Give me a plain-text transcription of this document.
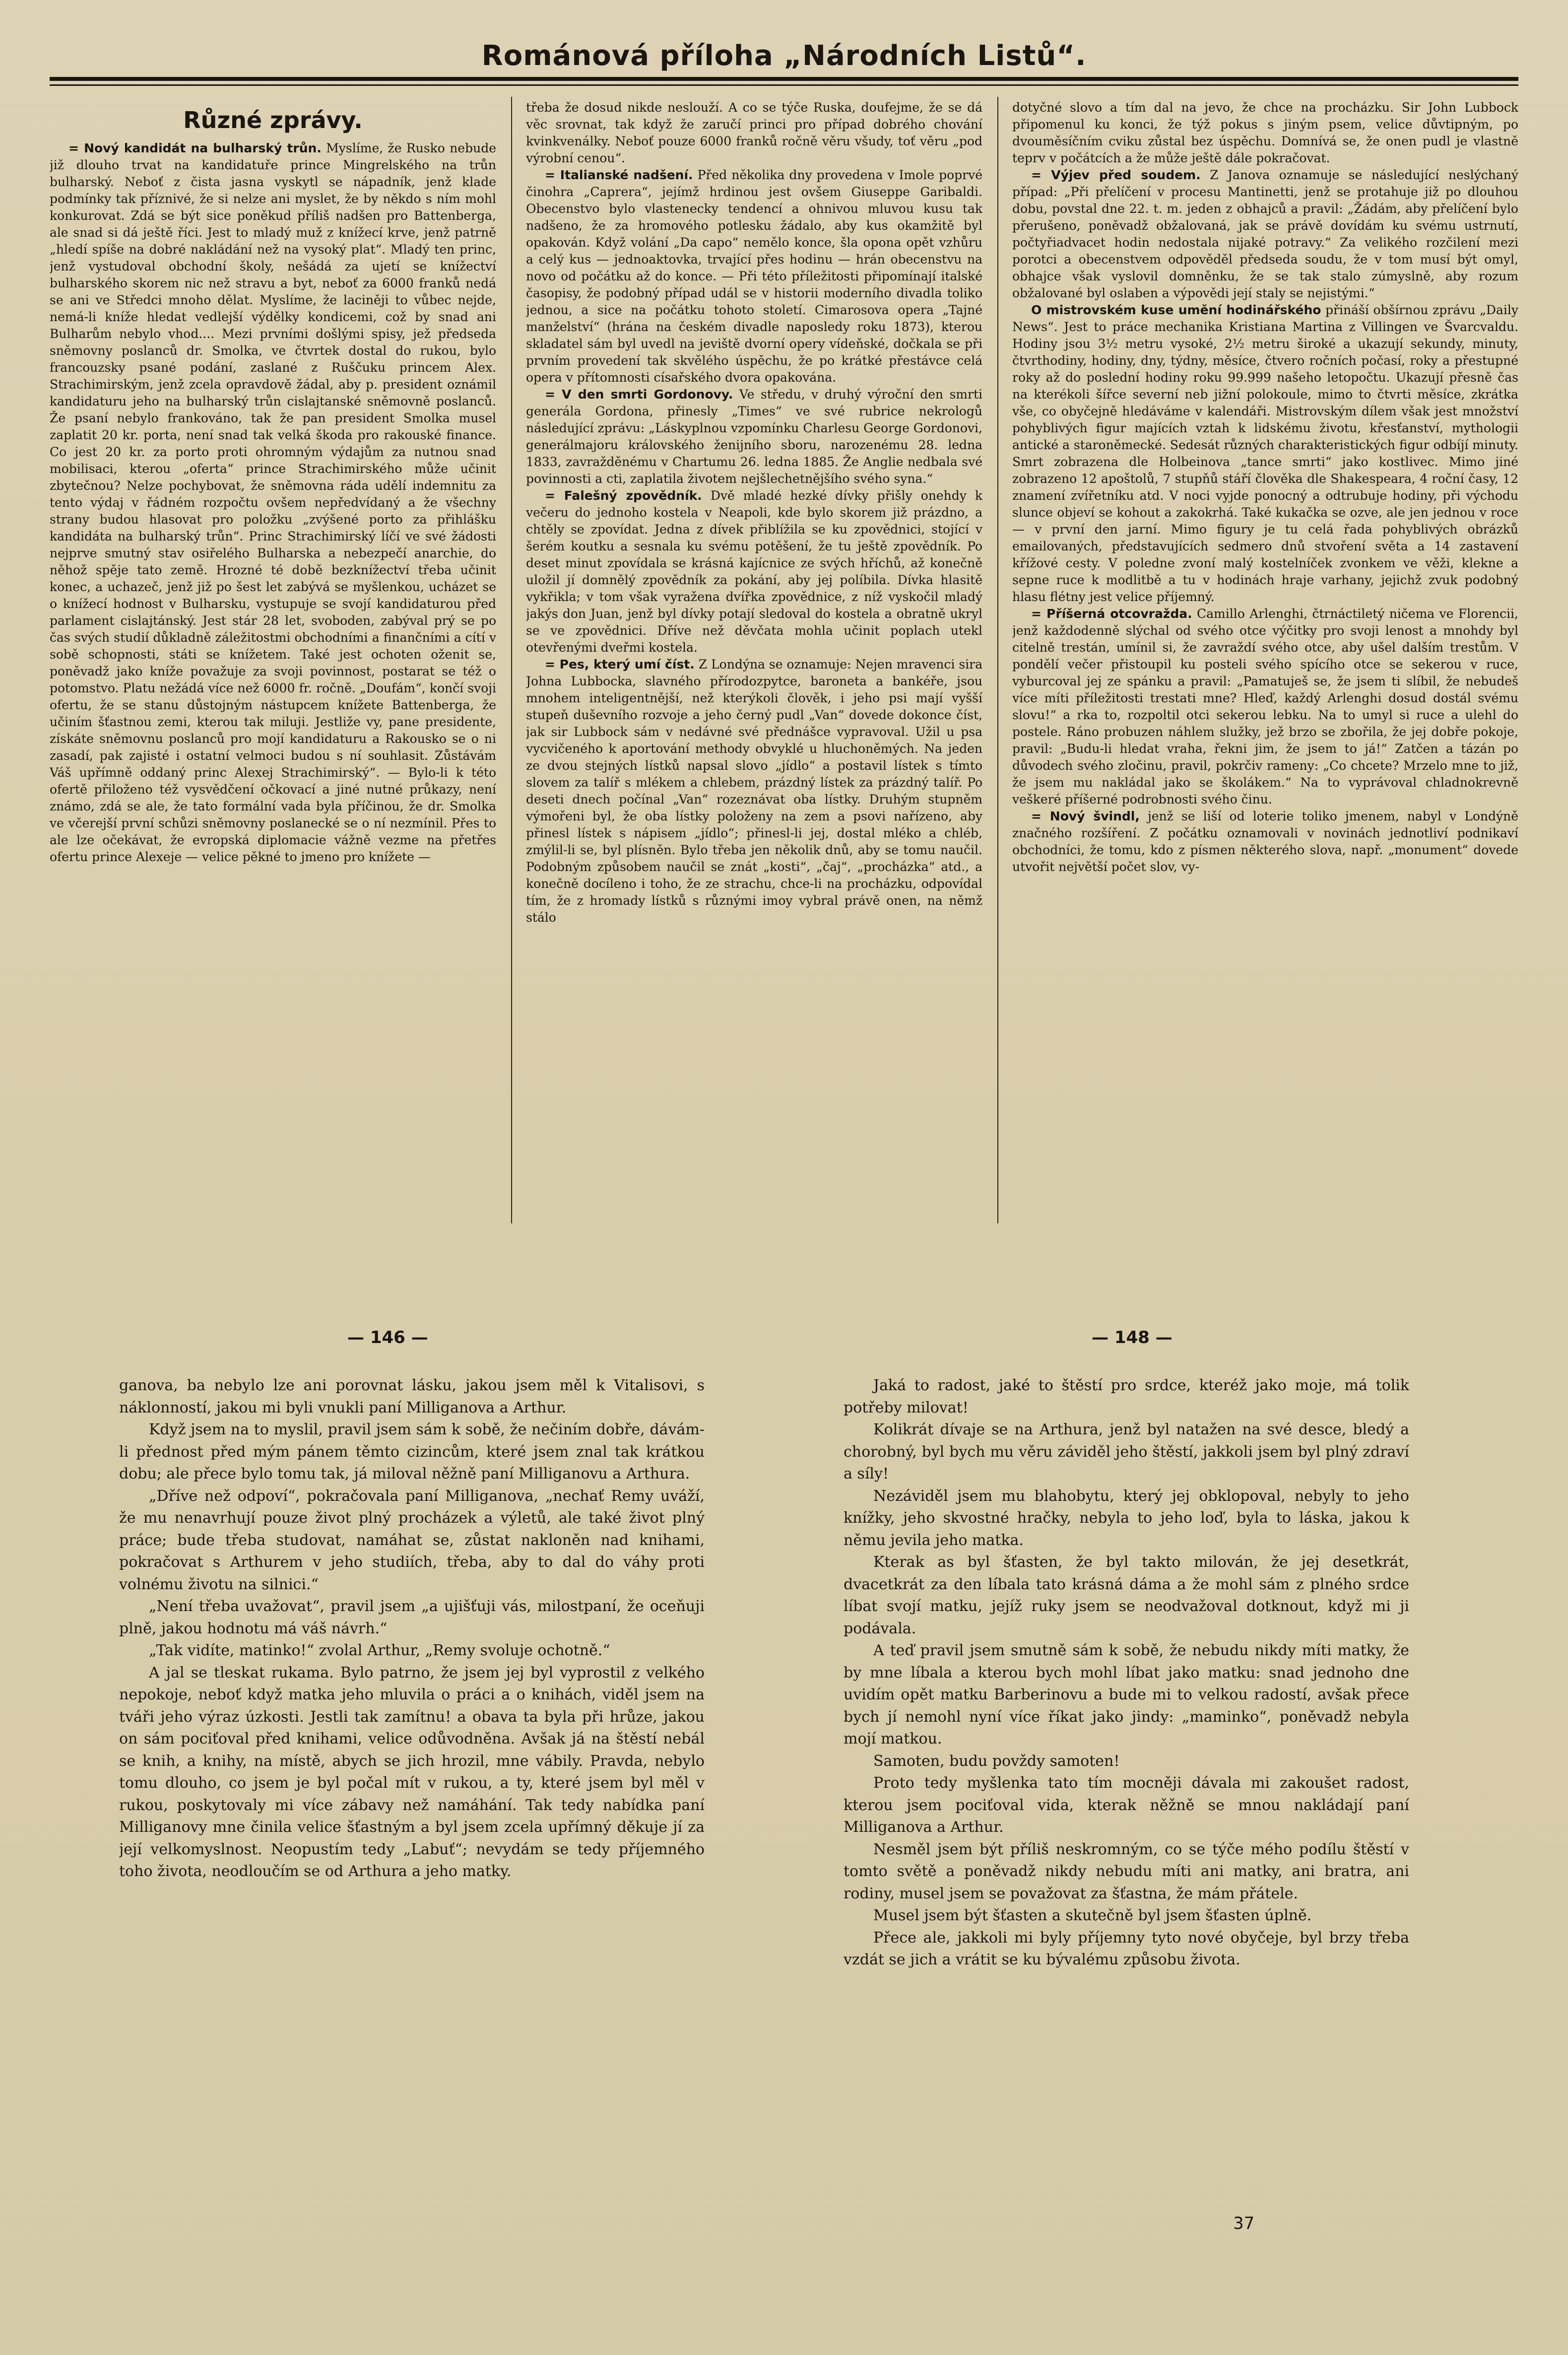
Románová příloha „Národních Listů“.
Různé zprávy.

= Nový kandidát na bulharský trůn. Myslíme, že Rusko nebude již dlouho trvat na kandidatuře prince Mingrelského na trůn bulharský. Neboť z čista jasna vyskytl se nápadník, jenž klade podmínky tak příznivé, že si nelze ani myslet, že by někdo s ním mohl konkurovat. Zdá se být sice poněkud příliš nadšen pro Battenberga, ale snad si dá ještě říci. Jest to mladý muž z knížecí krve, jenž patrně „hledí spíše na dobré nakládání než na vysoký plat“. Mladý ten princ, jenž vystudoval obchodní školy, nešádá za ujetí se knížectví bulharského skorem nic než stravu a byt, neboť za 6000 franků nedá se ani ve Středci mnoho dělat. Myslíme, že laciněji to vůbec nejde, nemá-li kníže hledat vedlejší výdělky kondicemi, což by snad ani Bulharům nebylo vhod.... Mezi prvními došlými spisy, jež předseda sněmovny poslanců dr. Smolka, ve čtvrtek dostal do rukou, bylo francouzsky psané podání, zaslané z Ruščuku princem Alex. Strachimirským, jenž zcela opravdově žádal, aby p. president oznámil kandidaturu jeho na bulharský trůn cislajtanské sněmovně poslanců. Že psaní nebylo frankováno, tak že pan president Smolka musel zaplatit 20 kr. porta, není snad tak velká škoda pro rakouské finance. Co jest 20 kr. za porto proti ohromným výdajům za nutnou snad mobilisaci, kterou „oferta“ prince Strachimirského může učinit zbytečnou? Nelze pochybovat, že sněmovna ráda udělí indemnitu za tento výdaj v řádném rozpočtu ovšem nepředvídaný a že všechny strany budou hlasovat pro položku „zvýšené porto za přihlášku kandidáta na bulharský trůn“. Princ Strachimirský líčí ve své žádosti nejprve smutný stav osiřelého Bulharska a nebezpečí anarchie, do něhož spěje tato země. Hrozné té době bezknížectví třeba učinit konec, a uchazeč, jenž již po šest let zabývá se myšlenkou, ucházet se o knížecí hodnost v Bulharsku, vystupuje se svojí kandidaturou před parlament cislajtánský. Jest stár 28 let, svoboden, zabýval prý se po čas svých studií důkladně záležitostmi obchodními a finančními a cítí v sobě schopnosti, státi se knížetem. Také jest ochoten oženit se, poněvadž jako kníže považuje za svoji povinnost, postarat se též o potomstvo. Platu nežádá více než 6000 fr. ročně. „Doufám“, končí svoji ofertu, že se stanu důstojným nástupcem knížete Battenberga, že učiním šťastnou zemi, kterou tak miluji. Jestliže vy, pane presidente, získáte sněmovnu poslanců pro mojí kandidaturu a Rakousko se o ni zasadí, pak zajisté i ostatní velmoci budou s ní souhlasit. Zůstávám Váš upřímně oddaný princ Alexej Strachimirský“. — Bylo-li k této ofertě přiloženo též vysvědčení očkovací a jiné nutné průkazy, není známo, zdá se ale, že tato formální vada byla příčinou, že dr. Smolka ve včerejší první schůzi sněmovny poslanecké se o ní nezmínil. Přes to ale lze očekávat, že evropská diplomacie vážně vezme na přetřes ofertu prince Alexeje — velice pěkné to jmeno pro knížete —

třeba že dosud nikde neslouží. A co se týče Ruska, doufejme, že se dá věc srovnat, tak když že zaručí princi pro případ dobrého chování kvinkvenálky. Neboť pouze 6000 franků ročně věru všudy, toť věru „pod výrobní cenou“.

= Italianské nadšení. Před několika dny provedena v Imole poprvé činohra „Caprera“, jejímž hrdinou jest ovšem Giuseppe Garibaldi. Obecenstvo bylo vlastenecky tendencí a ohnivou mluvou kusu tak nadšeno, že za hromového potlesku žádalo, aby kus okamžitě byl opakován. Když volání „Da capo“ nemělo konce, šla opona opět vzhůru a celý kus — jednoaktovka, trvající přes hodinu — hrán obecenstvu na novo od počátku až do konce. — Při této příležitosti připomínají italské časopisy, že podobný případ udál se v historii moderního divadla toliko jednou, a sice na počátku tohoto století. Cimarosova opera „Tajné manželství“ (hrána na českém divadle naposledy roku 1873), kterou skladatel sám byl uvedl na jeviště dvorní opery vídeňské, dočkala se při prvním provedení tak skvělého úspěchu, že po krátké přestávce celá opera v přítomnosti císařského dvora opakována.

= V den smrti Gordonovy. Ve středu, v druhý výroční den smrti generála Gordona, přinesly „Times“ ve své rubrice nekrologů následující zprávu: „Láskyplnou vzpomínku Charlesu George Gordonovi, generálmajoru královského ženijního sboru, narozenému 28. ledna 1833, zavražděnému v Chartumu 26. ledna 1885. Že Anglie nedbala své povinnosti a cti, zaplatila životem nejšlechetnějšího svého syna.“

= Falešný zpovědník. Dvě mladé hezké dívky přišly onehdy k večeru do jednoho kostela v Neapoli, kde bylo skorem již prázdno, a chtěly se zpovídat. Jedna z dívek přiblížila se ku zpovědnici, stojící v šerém koutku a sesnala ku svému potěšení, že tu ještě zpovědník. Po deset minut zpovídala se krásná kajícnice ze svých hříchů, až konečně uložil jí domnělý zpovědník za pokání, aby jej políbila. Dívka hlasitě vykřikla; v tom však vyražena dvířka zpovědnice, z níž vyskočil mladý jakýs don Juan, jenž byl dívky potají sledoval do kostela a obratně ukryl se ve zpovědnici. Dříve než děvčata mohla učinit poplach utekl otevřenými dveřmi kostela.

= Pes, který umí číst. Z Londýna se oznamuje: Nejen mravenci sira Johna Lubbocka, slavného přírodozpytce, baroneta a bankéře, jsou mnohem inteligentnější, než kterýkoli člověk, i jeho psi mají vyšší stupeň duševního rozvoje a jeho černý pudl „Van“ dovede dokonce číst, jak sir Lubbock sám v nedávné své přednášce vypravoval. Užil u psa vycvičeného k aportování methody obvyklé u hluchoněmých. Na jeden ze dvou stejných lístků napsal slovo „jídlo“ a postavil lístek s tímto slovem za talíř s mlékem a chlebem, prázdný lístek za prázdný talíř. Po deseti dnech počínal „Van“ rozeznávat oba lístky. Druhým stupněm výmořeni byl, že oba lístky položeny na zem a psovi nařízeno, aby přinesl lístek s nápisem „jídlo“; přinesl-li jej, dostal mléko a chléb, zmýlil-li se, byl plísněn. Bylo třeba jen několik dnů, aby se tomu naučil. Podobným způsobem naučil se znát „kosti“, „čaj“, „procházka“ atd., a konečně docíleno i toho, že ze strachu, chce-li na procházku, odpovídal tím, že z hromady lístků s různými imoy vybral právě onen, na němž stálo

dotyčné slovo a tím dal na jevo, že chce na procházku. Sir John Lubbock připomenul ku konci, že týž pokus s jiným psem, velice důvtipným, po dvouměsíčním cviku zůstal bez úspěchu. Domnívá se, že onen pudl je vlastně teprv v počátcích a že může ještě dále pokračovat.

= Výjev před soudem. Z Janova oznamuje se následující neslýchaný případ: „Při přelíčení v procesu Mantinetti, jenž se protahuje již po dlouhou dobu, povstal dne 22. t. m. jeden z obhajců a pravil: „Žádám, aby přelíčení bylo přerušeno, poněvadž obžalovaná, jak se právě dovídám ku svému ustrnutí, počtyřiadvacet hodin nedostala nijaké potravy.“ Za velikého rozčilení mezi porotci a obecenstvem odpověděl předseda soudu, že v tom musí být omyl, obhajce však vyslovil domněnku, že se tak stalo zúmyslně, aby rozum obžalované byl oslaben a výpovědi její staly se nejistými.“

O mistrovském kuse umění hodinářského přináší obšírnou zprávu „Daily News“. Jest to práce mechanika Kristiana Martina z Villingen ve Švarcvaldu. Hodiny jsou 3½ metru vysoké, 2½ metru široké a ukazují sekundy, minuty, čtvrthodiny, hodiny, dny, týdny, měsíce, čtvero ročních počasí, roky a přestupné roky až do poslední hodiny roku 99.999 našeho letopočtu. Ukazují přesně čas na kterékoli šířce severní neb jižní polokoule, mimo to čtvrti měsíce, zkrátka vše, co obyčejně hledáváme v kalendáři. Mistrovským dílem však jest množství pohyblivých figur majících vztah k lidskému životu, křesťanství, mythologii antické a staroněmecké. Sedesát různých charakteristických figur odbíjí minuty. Smrt zobrazena dle Holbeinova „tance smrti“ jako kostlivec. Mimo jiné zobrazeno 12 apoštolů, 7 stupňů stáří člověka dle Shakespeara, 4 roční časy, 12 znamení zvířetníku atd. V noci vyjde ponocný a odtrubuje hodiny, při východu slunce objeví se kohout a zakokrhá. Také kukačka se ozve, ale jen jednou v roce — v první den jarní. Mimo figury je tu celá řada pohyblivých obrázků emailovaných, představujících sedmero dnů stvoření světa a 14 zastavení křížové cesty. V poledne zvoní malý kostelníček zvonkem ve věži, klekne a sepne ruce k modlitbě a tu v hodinách hraje varhany, jejichž zvuk podobný hlasu flétny jest velice příjemný.

= Příšerná otcovražda. Camillo Arlenghi, čtrnáctiletý ničema ve Florencii, jenž každodenně slýchal od svého otce výčitky pro svoji lenost a mnohdy byl citelně trestán, umínil si, že zavraždí svého otce, aby ušel dalším trestům. V pondělí večer přistoupil ku posteli svého spícího otce se sekerou v ruce, vyburcoval jej ze spánku a pravil: „Pamatuješ se, že jsem ti slíbil, že nebudeš více míti příležitosti trestati mne? Hleď, každý Arlenghi dosud dostál svému slovu!“ a rka to, rozpoltil otci sekerou lebku. Na to umyl si ruce a ulehl do postele. Ráno probuzen náhlem služky, jež brzo se zbořila, že jej dobře pokoje, pravil: „Budu-li hledat vraha, řekni jim, že jsem to já!“ Zatčen a tázán po důvodech svého zločinu, pravil, pokrčiv rameny: „Co chcete? Mrzelo mne to již, že jsem mu nakládal jako se školákem.“ Na to vyprávoval chladnokrevně veškeré příšerné podrobnosti svého činu.

= Nový švindl, jenž se liší od loterie toliko jmenem, nabyl v Londýně značného rozšíření. Z počátku oznamovali v novinách jednotliví podnikaví obchodníci, že tomu, kdo z písmen některého slova, např. „monument“ dovede utvořit největší počet slov, vy-

— 146 —	— 148 —

ganova, ba nebylo lze ani porovnat lásku, jakou jsem měl k Vitalisovi, s náklonností, jakou mi byli vnukli paní Milliganova a Arthur.

Když jsem na to myslil, pravil jsem sám k sobě, že nečiním dobře, dávám-li přednost před mým pánem těmto cizincům, které jsem znal tak krátkou dobu; ale přece bylo tomu tak, já miloval něžně paní Milliganovu a Arthura.

„Dříve než odpoví“, pokračovala paní Milliganova, „nechať Remy uváží, že mu nenavrhují pouze život plný procházek a výletů, ale také život plný práce; bude třeba studovat, namáhat se, zůstat nakloněn nad knihami, pokračovat s Arthurem v jeho studiích, třeba, aby to dal do váhy proti volnému životu na silnici.“

„Není třeba uvažovat“, pravil jsem „a ujišťuji vás, milostpaní, že oceňuji plně, jakou hodnotu má váš návrh.“

„Tak vidíte, matinko!“ zvolal Arthur, „Remy svoluje ochotně.“

A jal se tleskat rukama. Bylo patrno, že jsem jej byl vyprostil z velkého nepokoje, neboť když matka jeho mluvila o práci a o knihách, viděl jsem na tváři jeho výraz úzkosti. Jestli tak zamítnu! a obava ta byla při hrůze, jakou on sám pociťoval před knihami, velice odůvodněna. Avšak já na štěstí nebál se knih, a knihy, na místě, abych se jich hrozil, mne vábily. Pravda, nebylo tomu dlouho, co jsem je byl počal mít v rukou, a ty, které jsem byl měl v rukou, poskytovaly mi více zábavy než namáhání. Tak tedy nabídka paní Milliganovy mne činila velice šťastným a byl jsem zcela upřímný děkuje jí za její velkomyslnost. Neopustím tedy „Labuť“; nevydám se tedy příjemného toho života, neodloučím se od Arthura a jeho matky.

Jaká to radost, jaké to štěstí pro srdce, kteréž jako moje, má tolik potřeby milovat!

Kolikrát dívaje se na Arthura, jenž byl natažen na své desce, bledý a chorobný, byl bych mu věru záviděl jeho štěstí, jakkoli jsem byl plný zdraví a síly!

Nezáviděl jsem mu blahobytu, který jej obklopoval, nebyly to jeho knížky, jeho skvostné hračky, nebyla to jeho loď, byla to láska, jakou k němu jevila jeho matka.

Kterak as byl šťasten, že byl takto milován, že jej desetkrát, dvacetkrát za den líbala tato krásná dáma a že mohl sám z plného srdce líbat svojí matku, jejíž ruky jsem se neodvažoval dotknout, když mi ji podávala.

A teď pravil jsem smutně sám k sobě, že nebudu nikdy míti matky, že by mne líbala a kterou bych mohl líbat jako matku: snad jednoho dne uvidím opět matku Barberinovu a bude mi to velkou radostí, avšak přece bych jí nemohl nyní více říkat jako jindy: „maminko“, poněvadž nebyla mojí matkou.

Samoten, budu povždy samoten!

Proto tedy myšlenka tato tím mocněji dávala mi zakoušet radost, kterou jsem pociťoval vida, kterak něžně se mnou nakládají paní Milliganova a Arthur.

Nesměl jsem být příliš neskromným, co se týče mého podílu štěstí v tomto světě a poněvadž nikdy nebudu míti ani matky, ani bratra, ani rodiny, musel jsem se považovat za šťastna, že mám přátele.

Musel jsem být šťasten a skutečně byl jsem šťasten úplně.

Přece ale, jakkoli mi byly příjemny tyto nové obyčeje, byl brzy třeba vzdát se jich a vrátit se ku bývalému způsobu života.

37
